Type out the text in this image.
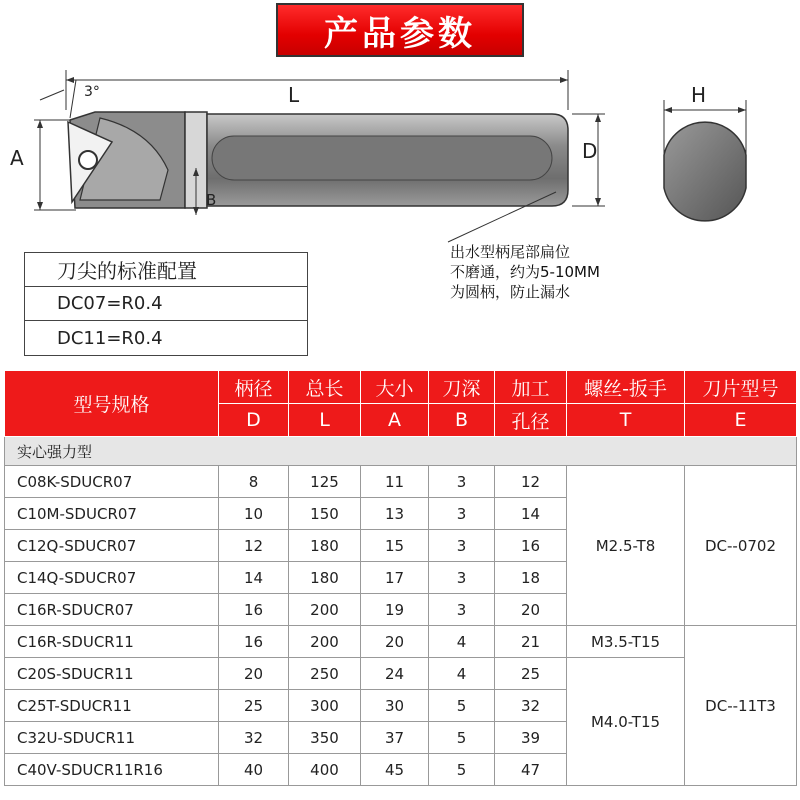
产品参数
L
3°
A
B
D
H
刀尖的标准配置
DC07=R0.4
DC11=R0.4
出水型柄尾部扁位
不磨通，约为5-10MM
为圆柄，防止漏水
型号规格	柄径	总长	大小	刀深	加工	螺丝-扳手	刀片型号
	D	L	A	B	孔径	T	E
实心强力型							
C08K-SDUCR07	8	125	11	3	12	M2.5-T8	DC--0702
C10M-SDUCR07	10	150	13	3	14		
C12Q-SDUCR07	12	180	15	3	16		
C14Q-SDUCR07	14	180	17	3	18		
C16R-SDUCR07	16	200	19	3	20		
C16R-SDUCR11	16	200	20	4	21	M3.5-T15	DC--11T3
C20S-SDUCR11	20	250	24	4	25	M4.0-T15	
C25T-SDUCR11	25	300	30	5	32		
C32U-SDUCR11	32	350	37	5	39		
C40V-SDUCR11R16	40	400	45	5	47		
